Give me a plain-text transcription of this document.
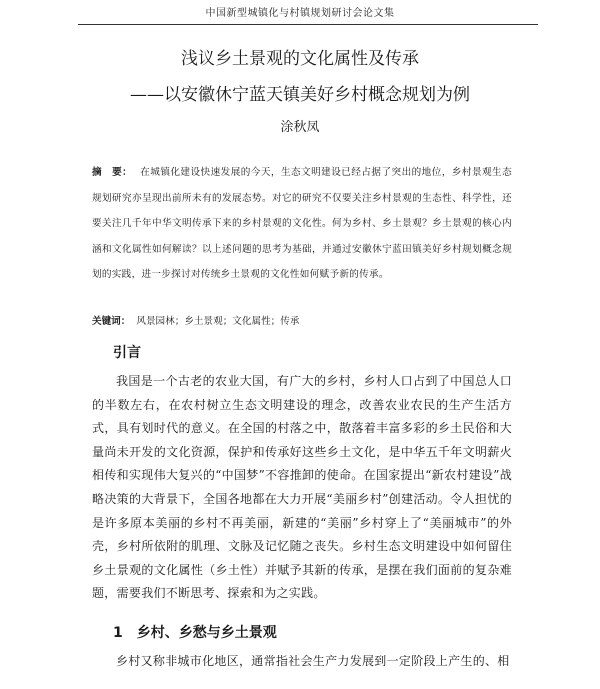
中国新型城镇化与村镇规划研讨会论文集
浅议乡土景观的文化属性及传承
——以安徽休宁蓝天镇美好乡村概念规划为例
涂秋凤

摘　要： 在城镇化建设快速发展的今天，生态文明建设已经占据了突出的地位，乡村景观生态规划研究亦呈现出前所未有的发展态势。对它的研究不仅要关注乡村景观的生态性、科学性，还要关注几千年中华文明传承下来的乡村景观的文化性。何为乡村、乡土景观？乡土景观的核心内涵和文化属性如何解读？以上述问题的思考为基础，并通过安徽休宁蓝田镇美好乡村规划概念规划的实践，进一步探讨对传统乡土景观的文化性如何赋予新的传承。

关键词： 风景园林；乡土景观；文化属性；传承

引言

我国是一个古老的农业大国，有广大的乡村，乡村人口占到了中国总人口的半数左右，在农村树立生态文明建设的理念，改善农业农民的生产生活方式，具有划时代的意义。在全国的村落之中，散落着丰富多彩的乡土民俗和大量尚未开发的文化资源，保护和传承好这些乡土文化，是中华五千年文明薪火相传和实现伟大复兴的“中国梦”不容推卸的使命。在国家提出“新农村建设”战略决策的大背景下，全国各地都在大力开展“美丽乡村”创建活动。令人担忧的是许多原本美丽的乡村不再美丽，新建的“美丽”乡村穿上了“美丽城市”的外壳，乡村所依附的肌理、文脉及记忆随之丧失。乡村生态文明建设中如何留住乡土景观的文化属性（乡土性）并赋予其新的传承，是摆在我们面前的复杂难题，需要我们不断思考、探索和为之实践。

1　乡村、乡愁与乡土景观

乡村又称非城市化地区，通常指社会生产力发展到一定阶段上产生的、相
